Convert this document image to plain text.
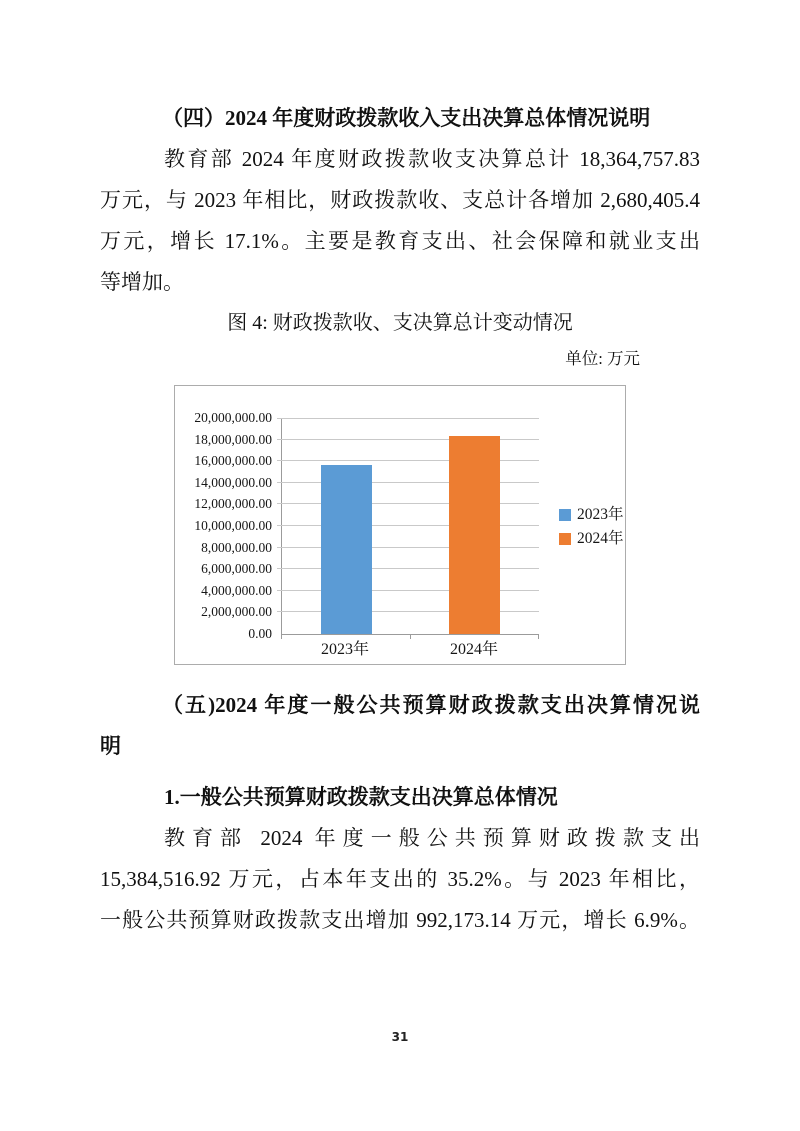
（四）2024 年度财政拨款收入支出决算总体情况说明
教育部 2024 年度财政拨款收支决算总计 18,364,757.83
万元，与 2023 年相比，财政拨款收、支总计各增加 2,680,405.4
万元，增长 17.1%。主要是教育支出、社会保障和就业支出
等增加。
图 4: 财政拨款收、支决算总计变动情况
单位: 万元
2023年
2024年
0.00
2,000,000.00
4,000,000.00
6,000,000.00
8,000,000.00
10,000,000.00
12,000,000.00
14,000,000.00
16,000,000.00
18,000,000.00
20,000,000.00
2023年	2024年
（五)2024 年度一般公共预算财政拨款支出决算情况说
明
1.一般公共预算财政拨款支出决算总体情况
教育部 2024 年度一般公共预算财政拨款支出
15,384,516.92 万元，占本年支出的 35.2%。与 2023 年相比，
一般公共预算财政拨款支出增加 992,173.14 万元，增长 6.9%。
31
